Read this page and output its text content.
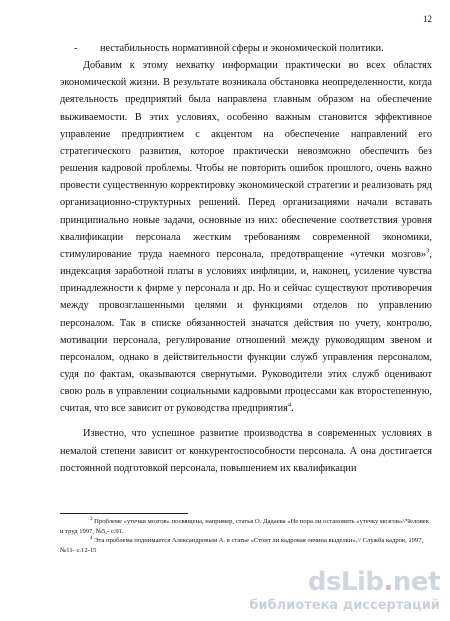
12
-	нестабильность нормативной сферы и экономической политики.

Добавим к этому нехватку информации практически во всех областях экономической жизни. В результате возникала обстановка неопределенности, когда деятельность предприятий была направлена главным образом на обеспечение выживаемости. В этих условиях, особенно важным становится эффективное управление предприятием с акцентом на обеспечение направлений его стратегического развития, которое практически невозможно обеспечить без решения кадровой проблемы. Чтобы не повторить ошибок прошлого, очень важно провести существенную корректировку экономической стратегии и реализовать ряд организационно-структурных решений. Перед организациями начали вставать принципиально новые задачи, основные из них: обеспечение соответствия уровня квалификации персонала жестким требованиям современной экономики, стимулирование труда наемного персонала, предотвращение «утечки мозгов»$^3$, индексация заработной платы в условиях инфляции, и, наконец, усиление чувства принадлежности к фирме у персонала и др. Но и сейчас существуют противоречия между провозглашенными целями и функциями отделов по управлению персоналом. Так в списке обязанностей значатся действия по учету, контролю, мотивации персонала, регулирование отношений между руководящим звеном и персоналом, однако в действительности функции служб управления персоналом, судя по фактам, оказываются свернутыми. Руководители этих служб оценивают свою роль в управлении социальными кадровыми процессами как второстепенную, считая, что все зависит от руководства предприятия$^4$.

Известно, что успешное развитие производства в современных условиях в немалой степени зависит от конкурентоспособности персонала. А она достигается постоянной подготовкой персонала, повышением их квалификации

$^3$ Проблеме «утечки мозгов» посвящена, например, статья О. Дадаева «Не пора ли остановить «утечку мозгов»//Человек и труд 1997, №5,- с.91.

$^4$ Эта проблема поднимается Александровым А. в статье «Стоит ли кадровая овчина выделки».// Служба кадров, 1997, №11- с.12-15

dsLib.net
библиотека диссертаций
